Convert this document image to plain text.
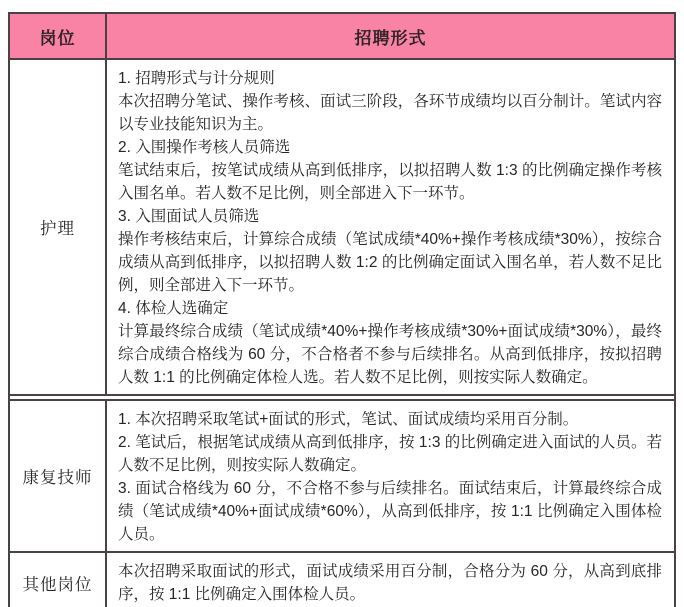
岗位	招聘形式
护理

1. 招聘形式与计分规则

本次招聘分笔试、操作考核、面试三阶段，各环节成绩均以百分制计。笔试内容以专业技能知识为主。

2. 入围操作考核人员筛选

笔试结束后，按笔试成绩从高到低排序，以拟招聘人数 1:3 的比例确定操作考核入围名单。若人数不足比例，则全部进入下一环节。

3. 入围面试人员筛选

操作考核结束后，计算综合成绩（笔试成绩*40%+操作考核成绩*30%），按综合成绩从高到低排序，以拟招聘人数 1:2 的比例确定面试入围名单，若人数不足比例，则全部进入下一环节。

4. 体检人选确定

计算最终综合成绩（笔试成绩*40%+操作考核成绩*30%+面试成绩*30%），最终综合成绩合格线为 60 分，不合格者不参与后续排名。从高到低排序，按拟招聘人数 1:1 的比例确定体检人选。若人数不足比例，则按实际人数确定。

康复技师

1. 本次招聘采取笔试+面试的形式，笔试、面试成绩均采用百分制。

2. 笔试后，根据笔试成绩从高到低排序，按 1:3 的比例确定进入面试的人员。若人数不足比例，则按实际人数确定。

3. 面试合格线为 60 分，不合格不参与后续排名。面试结束后，计算最终综合成绩（笔试成绩*40%+面试成绩*60%），从高到低排序，按 1:1 比例确定入围体检人员。

其他岗位

本次招聘采取面试的形式，面试成绩采用百分制，合格分为 60 分，从高到底排序，按 1:1 比例确定入围体检人员。
